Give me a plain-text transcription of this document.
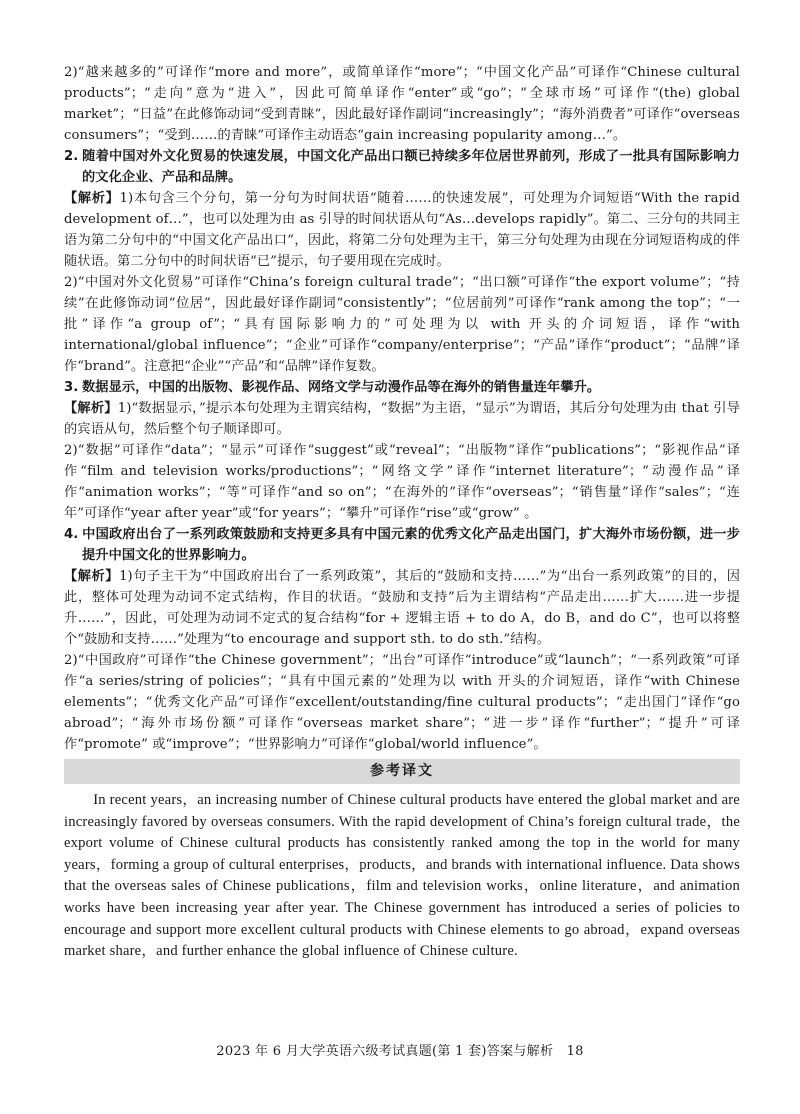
2)“越来越多的”可译作“more and more”，或简单译作“more”；“中国文化产品”可译作“Chinese cultural products”；“走向”意为“进入”，因此可简单译作“enter”或“go”；“全球市场”可译作“(the) global market”；“日益”在此修饰动词“受到青睐”，因此最好译作副词“increasingly”；“海外消费者”可译作“overseas consumers”；“受到……的青睐”可译作主动语态“gain increasing popularity among…”。

2. 随着中国对外文化贸易的快速发展，中国文化产品出口额已持续多年位居世界前列，形成了一批具有国际影响力的文化企业、产品和品牌。

【解析】1)本句含三个分句，第一分句为时间状语“随着……的快速发展”，可处理为介词短语“With the rapid development of…”，也可以处理为由 as 引导的时间状语从句“As…develops rapidly”。第二、三分句的共同主语为第二分句中的“中国文化产品出口”，因此，将第二分句处理为主干，第三分句处理为由现在分词短语构成的伴随状语。第二分句中的时间状语“已”提示，句子要用现在完成时。

2)“中国对外文化贸易”可译作“China’s foreign cultural trade”；“出口额”可译作“the export volume”；“持续”在此修饰动词“位居”，因此最好译作副词“consistently”；“位居前列”可译作“rank among the top”；“一批”译作“a group of”；“具有国际影响力的”可处理为以 with 开头的介词短语，译作“with international/global influence”；“企业”可译作“company/enterprise”；“产品”译作“product”；“品牌”译作“brand”。注意把“企业”“产品”和“品牌”译作复数。

3. 数据显示，中国的出版物、影视作品、网络文学与动漫作品等在海外的销售量连年攀升。

【解析】1)“数据显示，”提示本句处理为主谓宾结构，“数据”为主语，“显示”为谓语，其后分句处理为由 that 引导的宾语从句，然后整个句子顺译即可。

2)“数据”可译作“data”；“显示”可译作“suggest”或“reveal”；“出版物”译作“publications”；“影视作品”译作“film and television works/productions”；“网络文学”译作“internet literature”；“动漫作品”译作“animation works”；“等”可译作“and so on”；“在海外的”译作“overseas”；“销售量”译作“sales”；“连年”可译作“year after year”或“for years”；“攀升”可译作“rise”或“grow” 。

4. 中国政府出台了一系列政策鼓励和支持更多具有中国元素的优秀文化产品走出国门，扩大海外市场份额，进一步提升中国文化的世界影响力。

【解析】1)句子主干为“中国政府出台了一系列政策”，其后的“鼓励和支持……”为“出台一系列政策”的目的，因此，整体可处理为动词不定式结构，作目的状语。“鼓励和支持”后为主谓结构“产品走出……扩大……进一步提升……”，因此，可处理为动词不定式的复合结构“for + 逻辑主语 + to do A，do B，and do C”，也可以将整个“鼓励和支持……”处理为“to encourage and support sth. to do sth.”结构。

2)“中国政府”可译作“the Chinese government”；“出台”可译作“introduce”或“launch”；“一系列政策”可译作“a series/string of policies”；“具有中国元素的”处理为以 with 开头的介词短语，译作“with Chinese elements”；“优秀文化产品”可译作“excellent/outstanding/fine cultural products”；“走出国门”译作“go abroad”；“海外市场份额”可译作“overseas market share”；“进一步”译作“further”；“提升”可译作“promote” 或“improve”；“世界影响力”可译作“global/world influence”。

参考译文

In recent years，an increasing number of Chinese cultural products have entered the global market and are increasingly favored by overseas consumers. With the rapid development of China’s foreign cultural trade，the export volume of Chinese cultural products has consistently ranked among the top in the world for many years，forming a group of cultural enterprises，products，and brands with international influence. Data shows that the overseas sales of Chinese publications，film and television works，online literature，and animation works have been increasing year after year. The Chinese government has introduced a series of policies to encourage and support more excellent cultural products with Chinese elements to go abroad，expand overseas market share，and further enhance the global influence of Chinese culture.

2023 年 6 月大学英语六级考试真题(第 1 套)答案与解析　18
